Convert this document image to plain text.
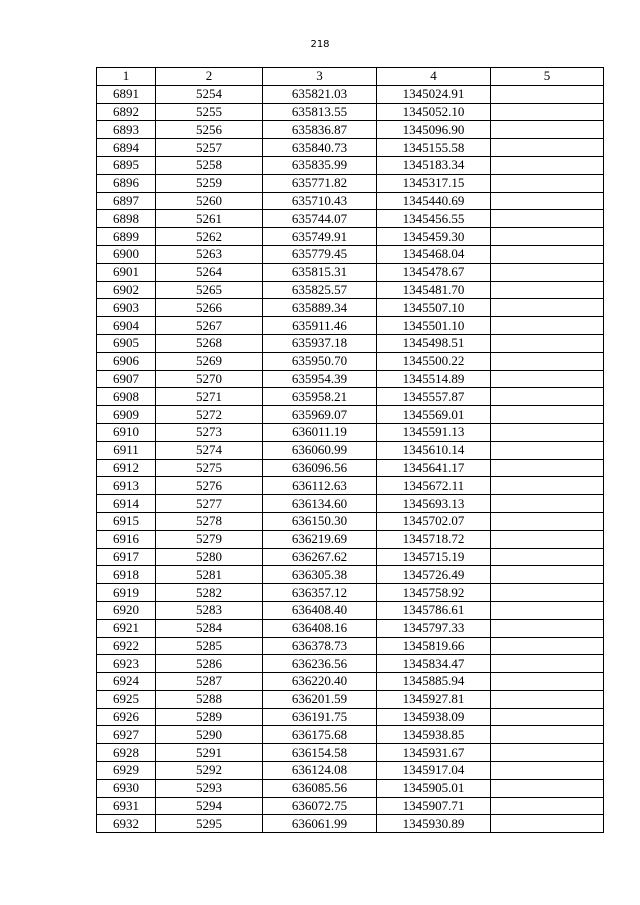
218
1	2	3	4	5
6891	5254	635821.03	1345024.91	
6892	5255	635813.55	1345052.10	
6893	5256	635836.87	1345096.90	
6894	5257	635840.73	1345155.58	
6895	5258	635835.99	1345183.34	
6896	5259	635771.82	1345317.15	
6897	5260	635710.43	1345440.69	
6898	5261	635744.07	1345456.55	
6899	5262	635749.91	1345459.30	
6900	5263	635779.45	1345468.04	
6901	5264	635815.31	1345478.67	
6902	5265	635825.57	1345481.70	
6903	5266	635889.34	1345507.10	
6904	5267	635911.46	1345501.10	
6905	5268	635937.18	1345498.51	
6906	5269	635950.70	1345500.22	
6907	5270	635954.39	1345514.89	
6908	5271	635958.21	1345557.87	
6909	5272	635969.07	1345569.01	
6910	5273	636011.19	1345591.13	
6911	5274	636060.99	1345610.14	
6912	5275	636096.56	1345641.17	
6913	5276	636112.63	1345672.11	
6914	5277	636134.60	1345693.13	
6915	5278	636150.30	1345702.07	
6916	5279	636219.69	1345718.72	
6917	5280	636267.62	1345715.19	
6918	5281	636305.38	1345726.49	
6919	5282	636357.12	1345758.92	
6920	5283	636408.40	1345786.61	
6921	5284	636408.16	1345797.33	
6922	5285	636378.73	1345819.66	
6923	5286	636236.56	1345834.47	
6924	5287	636220.40	1345885.94	
6925	5288	636201.59	1345927.81	
6926	5289	636191.75	1345938.09	
6927	5290	636175.68	1345938.85	
6928	5291	636154.58	1345931.67	
6929	5292	636124.08	1345917.04	
6930	5293	636085.56	1345905.01	
6931	5294	636072.75	1345907.71	
6932	5295	636061.99	1345930.89	
